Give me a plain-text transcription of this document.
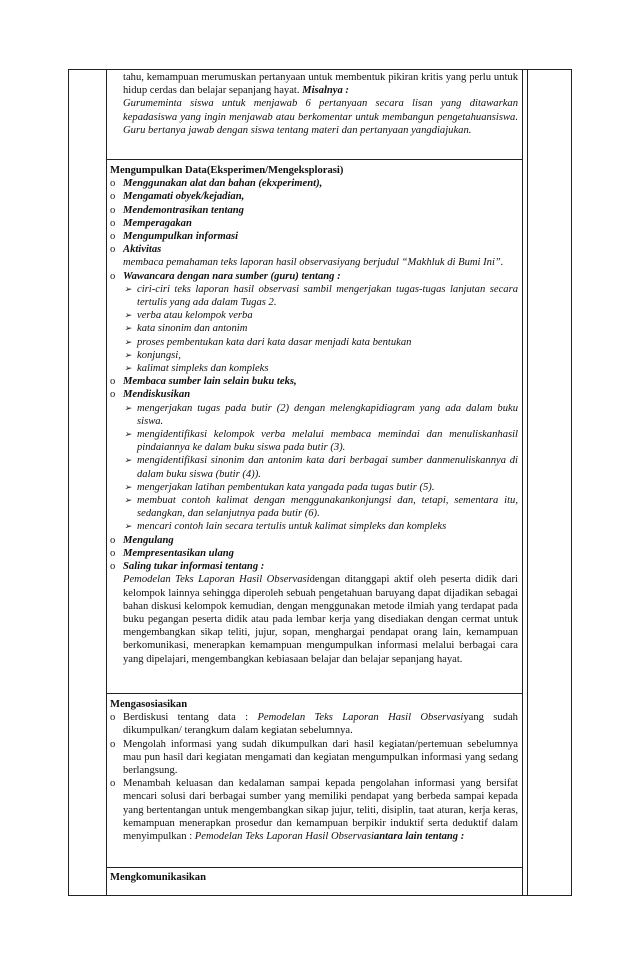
tahu, kemampuan merumuskan pertanyaan untuk membentuk pikiran kritis yang perlu untuk hidup cerdas dan belajar sepanjang hayat. Misalnya :
Gurumeminta siswa untuk menjawab 6 pertanyaan secara lisan yang ditawarkan kepadasiswa yang ingin menjawab atau berkomentar untuk membangun pengetahuansiswa. Guru bertanya jawab dengan siswa tentang materi dan pertanyaan yangdiajukan.
Mengumpulkan Data(Eksperimen/Mengeksplorasi)
o Menggunakan alat dan bahan (ekxperiment),
o Mengamati obyek/kejadian,
o Mendemontrasikan tentang
o Memperagakan
o Mengumpulkan informasi
o Aktivitas
membaca pemahaman teks laporan hasil observasiyang berjudul “Makhluk di Bumi Ini”.
o Wawancara dengan nara sumber (guru) tentang :
➢ ciri-ciri teks laporan hasil observasi sambil mengerjakan tugas-tugas lanjutan secara tertulis yang ada dalam Tugas 2.
➢ verba atau kelompok verba
➢ kata sinonim dan antonim
➢ proses pembentukan kata dari kata dasar menjadi kata bentukan
➢ konjungsi,
➢ kalimat simpleks dan kompleks
o Membaca sumber lain selain buku teks,
o Mendiskusikan
➢ mengerjakan tugas pada butir (2) dengan melengkapidiagram yang ada dalam buku siswa.
➢ mengidentifikasi kelompok verba melalui membaca memindai dan menuliskanhasil pindaiannya ke dalam buku siswa pada butir (3).
➢ mengidentifikasi sinonim dan antonim kata dari berbagai sumber danmenuliskannya di dalam buku siswa (butir (4)).
➢ mengerjakan latihan pembentukan kata yangada pada tugas butir (5).
➢ membuat contoh kalimat dengan menggunakankonjungsi dan, tetapi, sementara itu, sedangkan, dan selanjutnya pada butir (6).
➢ mencari contoh lain secara tertulis untuk kalimat simpleks dan kompleks
o Mengulang
o Mempresentasikan ulang
o Saling tukar informasi tentang :
Pemodelan Teks Laporan Hasil Observasidengan ditanggapi aktif oleh peserta didik dari kelompok lainnya sehingga diperoleh sebuah pengetahuan baruyang dapat dijadikan sebagai bahan diskusi kelompok kemudian, dengan menggunakan metode ilmiah yang terdapat pada buku pegangan peserta didik atau pada lembar kerja yang disediakan dengan cermat untuk mengembangkan sikap teliti, jujur, sopan, menghargai pendapat orang lain, kemampuan berkomunikasi, menerapkan kemampuan mengumpulkan informasi melalui berbagai cara yang dipelajari, mengembangkan kebiasaan belajar dan belajar sepanjang hayat.
Mengasosiasikan
o Berdiskusi tentang data : Pemodelan Teks Laporan Hasil Observasiyang sudah dikumpulkan/ terangkum dalam kegiatan sebelumnya.
o Mengolah informasi yang sudah dikumpulkan dari hasil kegiatan/pertemuan sebelumnya mau pun hasil dari kegiatan mengamati dan kegiatan mengumpulkan informasi yang sedang berlangsung.
o Menambah keluasan dan kedalaman sampai kepada pengolahan informasi yang bersifat mencari solusi dari berbagai sumber yang memiliki pendapat yang berbeda sampai kepada yang bertentangan untuk mengembangkan sikap jujur, teliti, disiplin, taat aturan, kerja keras, kemampuan menerapkan prosedur dan kemampuan berpikir induktif serta deduktif dalam menyimpulkan : Pemodelan Teks Laporan Hasil Observasiantara lain tentang :
Mengkomunikasikan
